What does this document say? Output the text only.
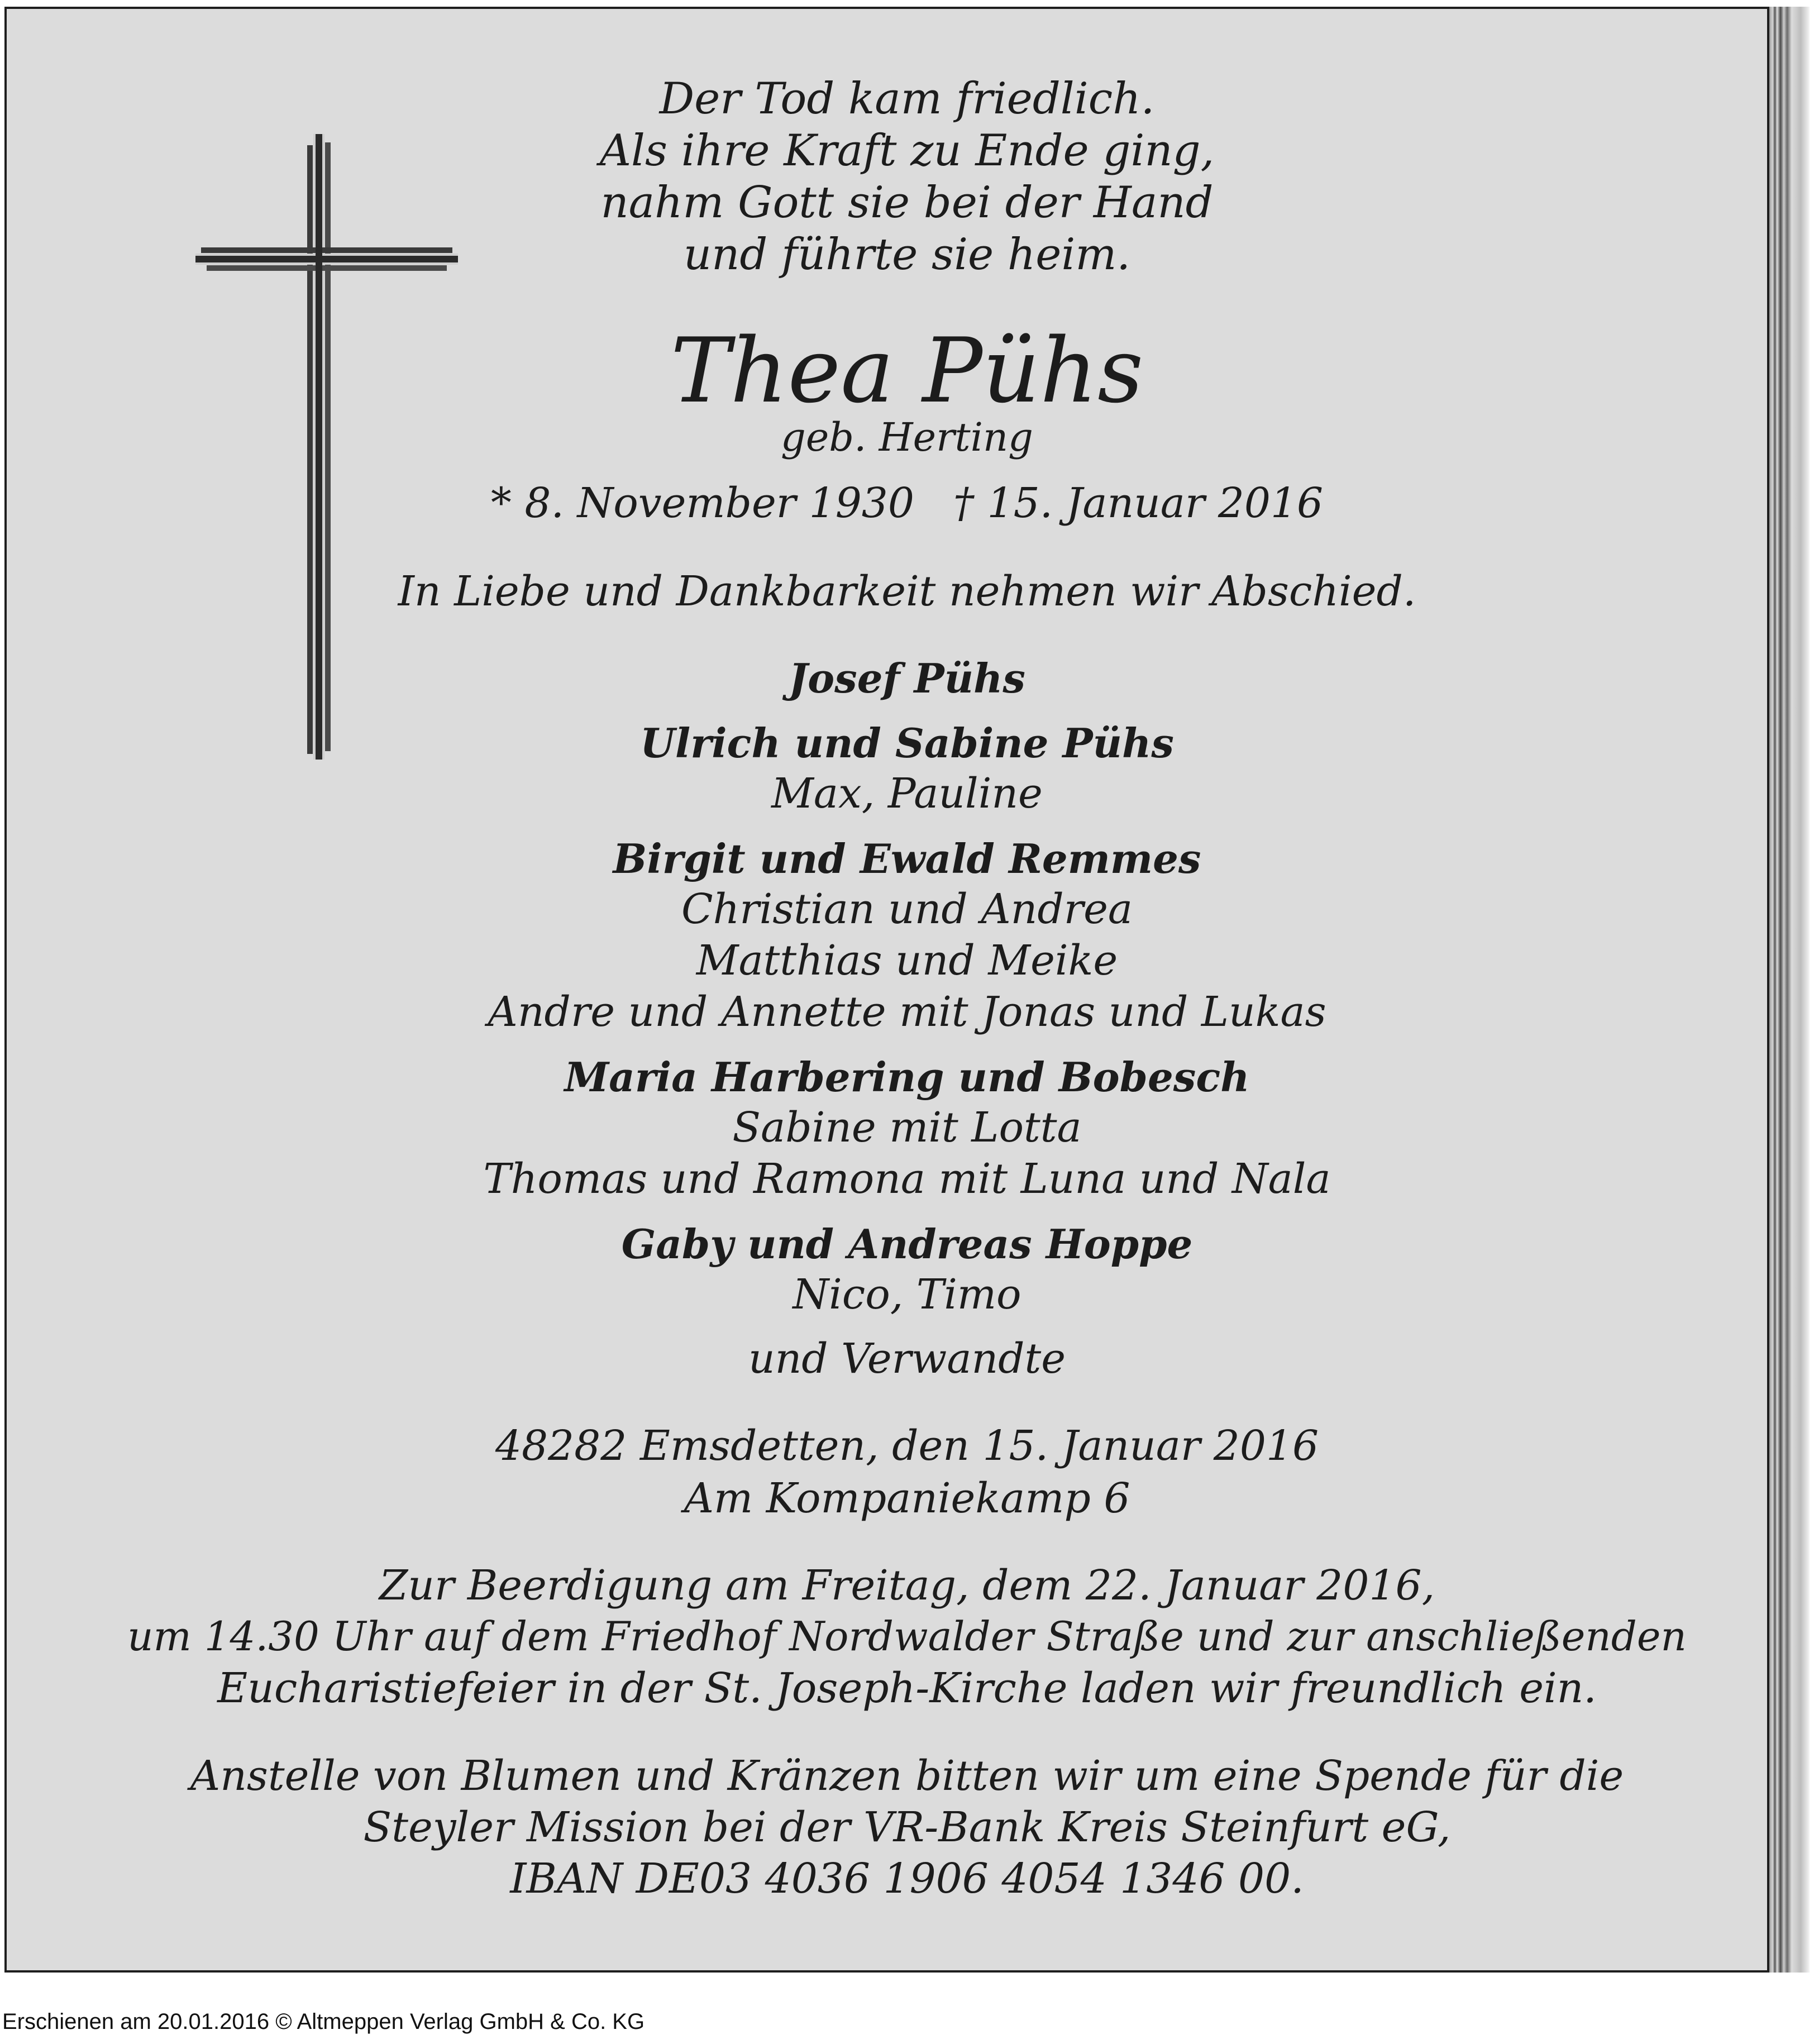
Der Tod kam friedlich.
Als ihre Kraft zu Ende ging,
nahm Gott sie bei der Hand
und führte sie heim.
Thea Pühs
geb. Herting
* 8. November 1930 † 15. Januar 2016
In Liebe und Dankbarkeit nehmen wir Abschied.
Josef Pühs
Ulrich und Sabine Pühs
Max, Pauline
Birgit und Ewald Remmes
Christian und Andrea
Matthias und Meike
Andre und Annette mit Jonas und Lukas
Maria Harbering und Bobesch
Sabine mit Lotta
Thomas und Ramona mit Luna und Nala
Gaby und Andreas Hoppe
Nico, Timo
und Verwandte
48282 Emsdetten, den 15. Januar 2016
Am Kompaniekamp 6
Zur Beerdigung am Freitag, dem 22. Januar 2016,
um 14.30 Uhr auf dem Friedhof Nordwalder Straße und zur anschließenden
Eucharistiefeier in der St. Joseph-Kirche laden wir freundlich ein.
Anstelle von Blumen und Kränzen bitten wir um eine Spende für die
Steyler Mission bei der VR-Bank Kreis Steinfurt eG,
IBAN DE03 4036 1906 4054 1346 00.
Erschienen am 20.01.2016 © Altmeppen Verlag GmbH & Co. KG
